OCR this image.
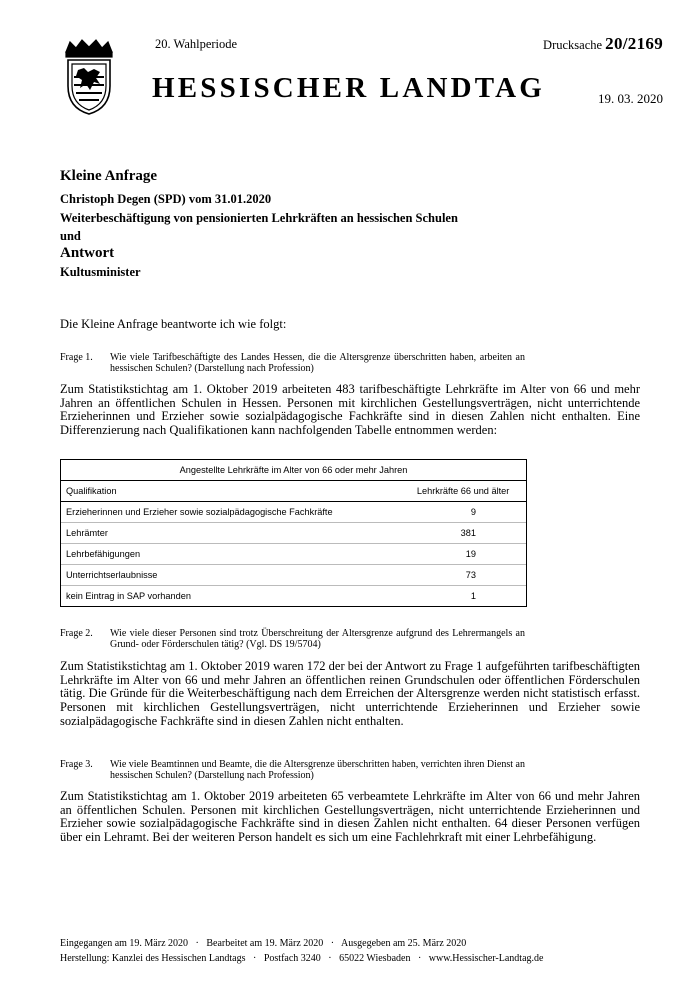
20. Wahlperiode	Drucksache 20/2169
HESSISCHER LANDTAG	19. 03. 2020
Kleine Anfrage
Christoph Degen (SPD) vom 31.01.2020
Weiterbeschäftigung von pensionierten Lehrkräften an hessischen Schulen
und
Antwort
Kultusminister
Die Kleine Anfrage beantworte ich wie folgt:
Frage 1. Wie viele Tarifbeschäftigte des Landes Hessen, die die Altersgrenze überschritten haben, arbeiten an hessischen Schulen? (Darstellung nach Profession)
Zum Statistikstichtag am 1. Oktober 2019 arbeiteten 483 tarifbeschäftigte Lehrkräfte im Alter von 66 und mehr Jahren an öffentlichen Schulen in Hessen. Personen mit kirchlichen Gestellungsverträgen, nicht unterrichtende Erzieherinnen und Erzieher sowie sozialpädagogische Fachkräfte sind in diesen Zahlen nicht enthalten. Eine Differenzierung nach Qualifikationen kann nachfolgenden Tabelle entnommen werden:
Angestellte Lehrkräfte im Alter von 66 oder mehr Jahren	
Qualifikation	Lehrkräfte 66 und älter
Erzieherinnen und Erzieher sowie sozialpädagogische Fachkräfte	9
Lehrämter	381
Lehrbefähigungen	19
Unterrichtserlaubnisse	73
kein Eintrag in SAP vorhanden	1
Frage 2. Wie viele dieser Personen sind trotz Überschreitung der Altersgrenze aufgrund des Lehrermangels an Grund- oder Förderschulen tätig? (Vgl. DS 19/5704)
Zum Statistikstichtag am 1. Oktober 2019 waren 172 der bei der Antwort zu Frage 1 aufgeführten tarifbeschäftigten Lehrkräfte im Alter von 66 und mehr Jahren an öffentlichen reinen Grundschulen oder öffentlichen Förderschulen tätig. Die Gründe für die Weiterbeschäftigung nach dem Erreichen der Altersgrenze werden nicht statistisch erfasst. Personen mit kirchlichen Gestellungsverträgen, nicht unterrichtende Erzieherinnen und Erzieher sowie sozialpädagogische Fachkräfte sind in diesen Zahlen nicht enthalten.
Frage 3. Wie viele Beamtinnen und Beamte, die die Altersgrenze überschritten haben, verrichten ihren Dienst an hessischen Schulen? (Darstellung nach Profession)
Zum Statistikstichtag am 1. Oktober 2019 arbeiteten 65 verbeamtete Lehrkräfte im Alter von 66 und mehr Jahren an öffentlichen Schulen. Personen mit kirchlichen Gestellungsverträgen, nicht unterrichtende Erzieherinnen und Erzieher sowie sozialpädagogische Fachkräfte sind in diesen Zahlen nicht enthalten. 64 dieser Personen verfügen über ein Lehramt. Bei der weiteren Person handelt es sich um eine Fachlehrkraft mit einer Lehrbefähigung.
Eingegangen am 19. März 2020   ·   Bearbeitet am 19. März 2020   ·   Ausgegeben am 25. März 2020
Herstellung: Kanzlei des Hessischen Landtags   ·   Postfach 3240   ·   65022 Wiesbaden   ·   www.Hessischer-Landtag.de
